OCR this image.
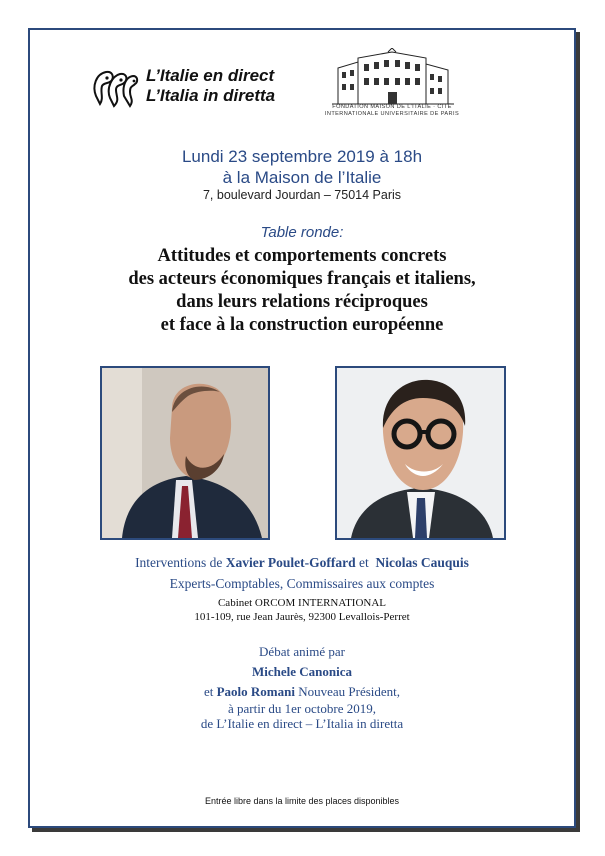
L’Italie en direct
L’Italia in diretta
FONDATION MAISON DE L’ITALIE · CITÉ INTERNATIONALE UNIVERSITAIRE DE PARIS
Lundi 23 septembre 2019 à 18h
à la Maison de l’Italie
7, boulevard Jourdan – 75014 Paris
Table ronde:
Attitudes et comportements concrets
des acteurs économiques français et italiens,
dans leurs relations réciproques
et face à la construction européenne
Interventions de Xavier Poulet-Goffard et  Nicolas Cauquis
Experts-Comptables, Commissaires aux comptes
Cabinet ORCOM INTERNATIONAL
101-109, rue Jean Jaurès, 92300 Levallois-Perret
Débat animé par
Michele Canonica
et Paolo Romani Nouveau Président,
à partir du 1er octobre 2019,
de L’Italie en direct – L’Italia in diretta
Entrée libre dans la limite des places disponibles
